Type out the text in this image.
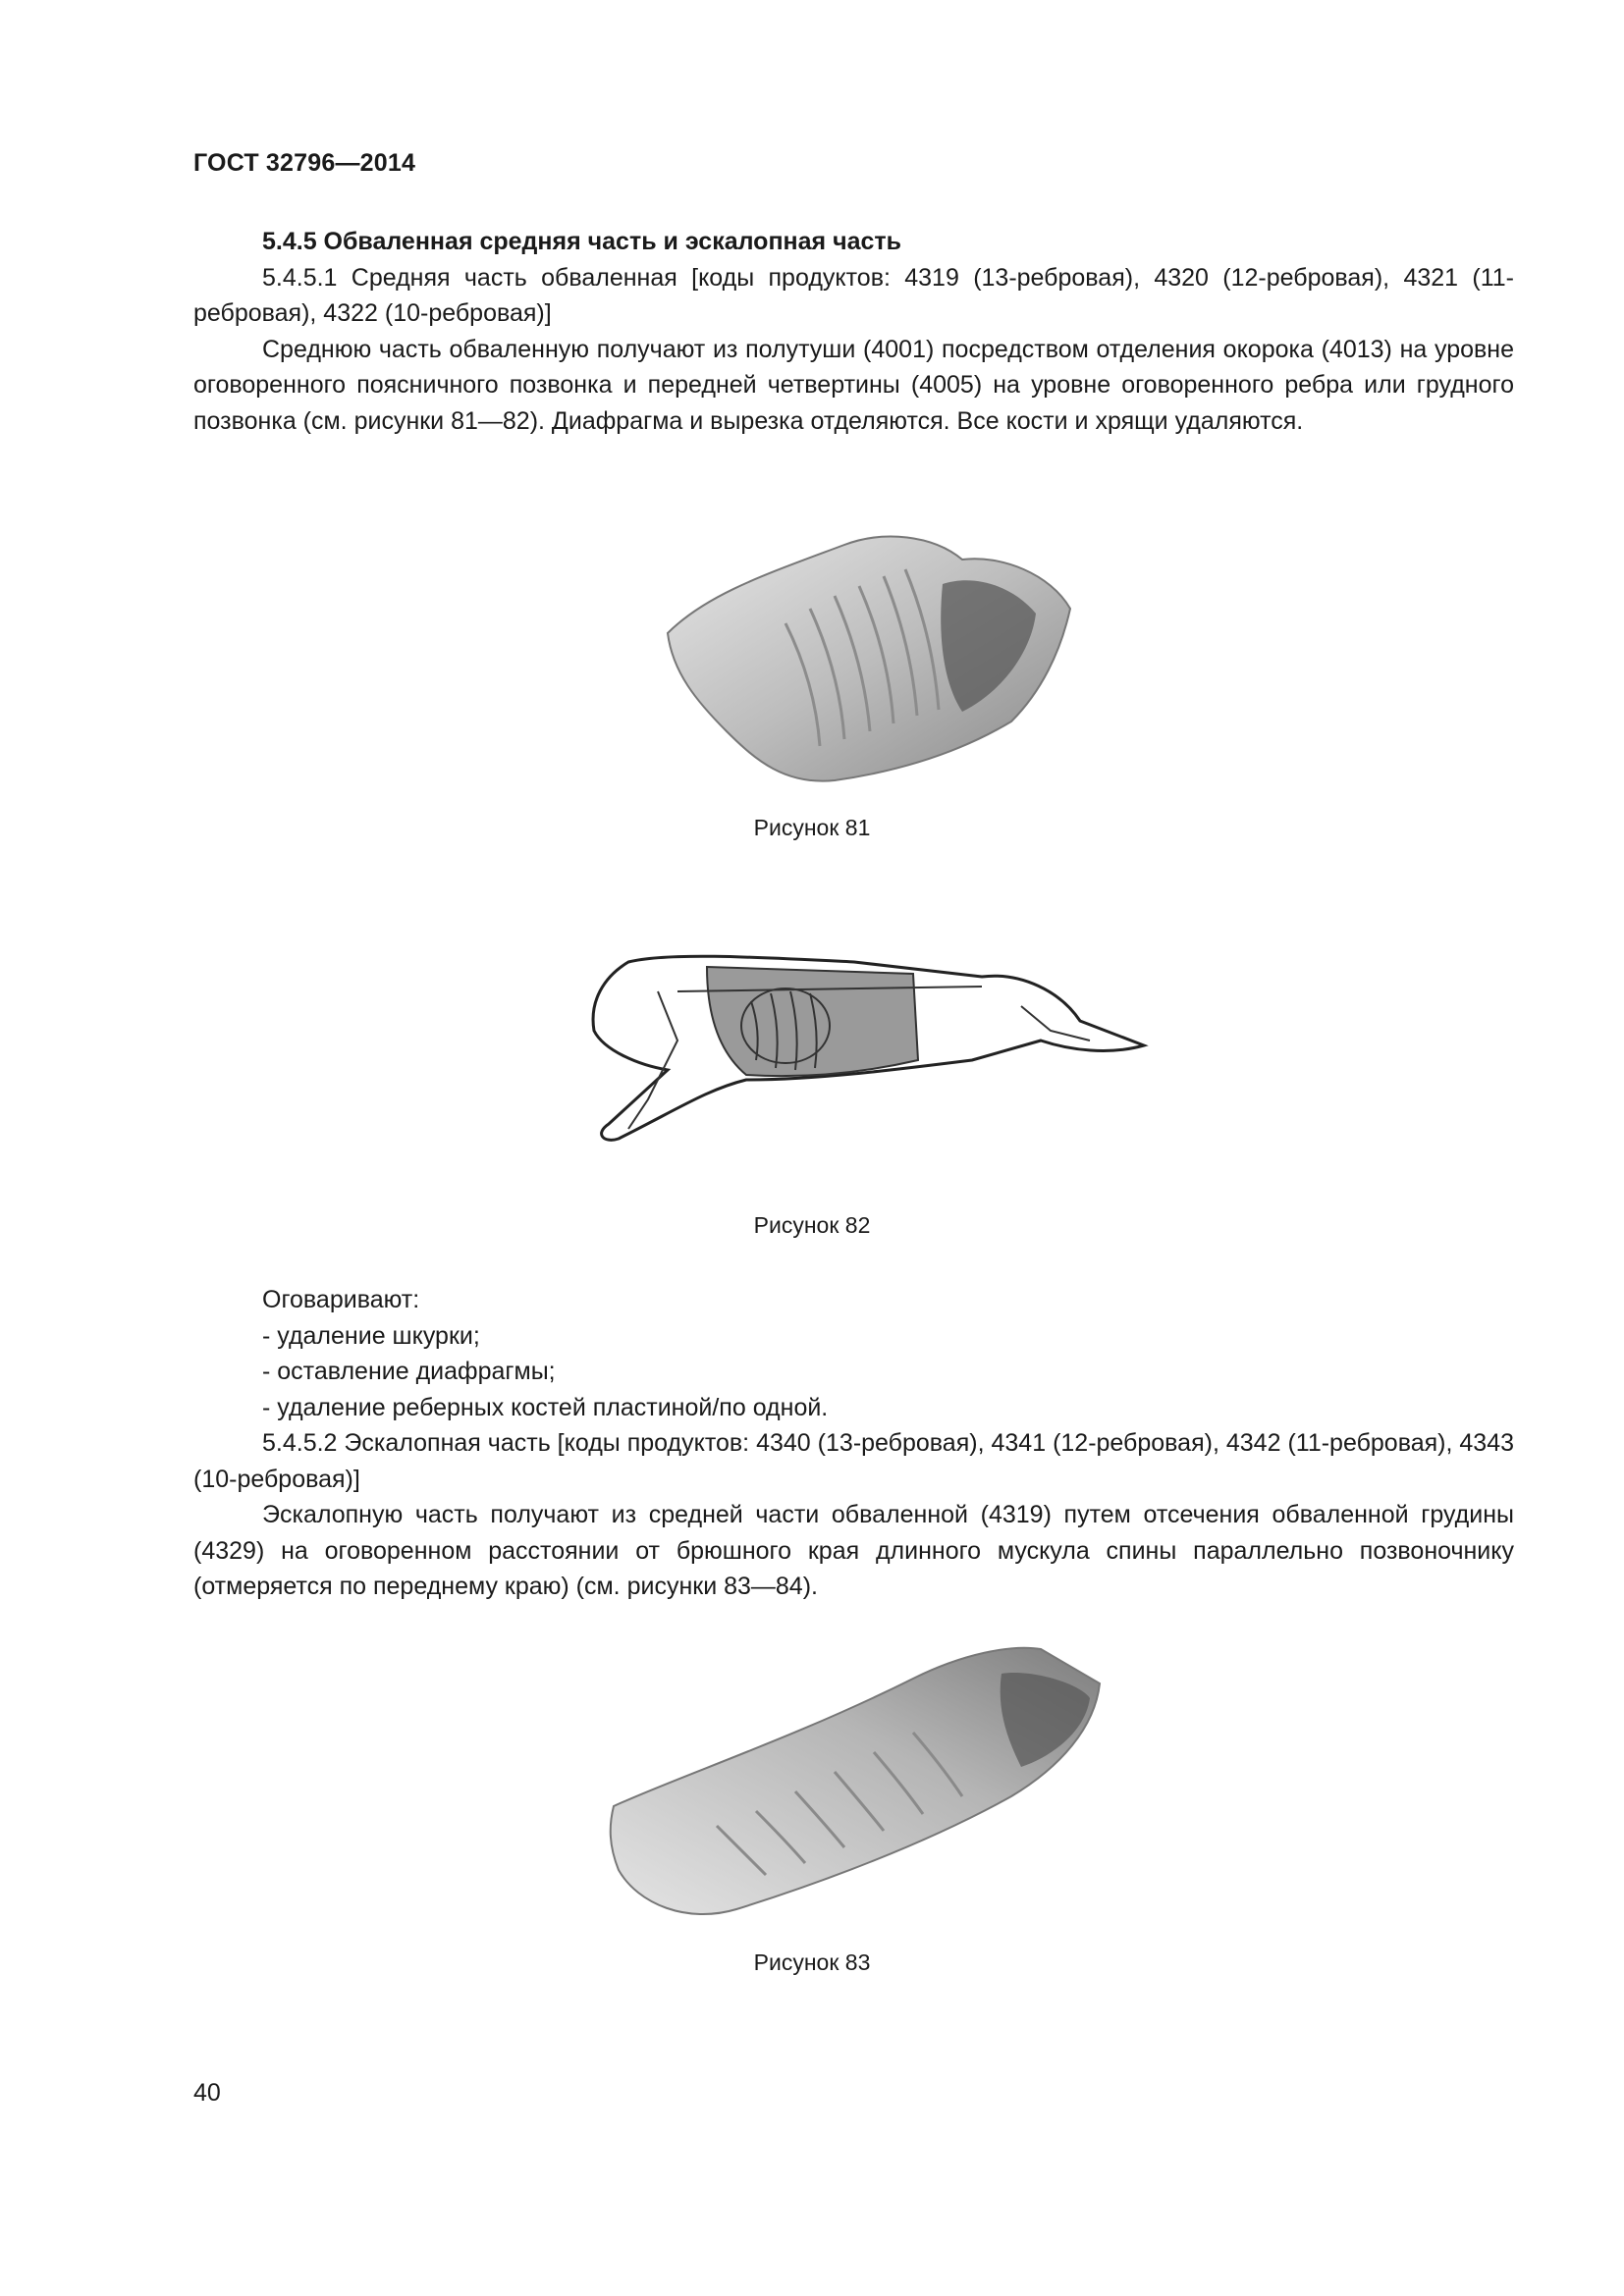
ГОСТ 32796—2014

5.4.5 Обваленная средняя часть и эскалопная часть

5.4.5.1 Средняя часть обваленная [коды продуктов: 4319 (13-ребровая), 4320 (12-ребровая), 4321 (11-ребровая), 4322 (10-ребровая)]

Среднюю часть обваленную получают из полутуши (4001) посредством отделения окорока (4013) на уровне оговоренного поясничного позвонка и передней четвертины (4005) на уровне оговоренного ребра или грудного позвонка (см. рисунки 81—82). Диафрагма и вырезка отделяются. Все кости и хрящи удаляются.

Рисунок 81
Рисунок 82

Оговаривают:

- удаление шкурки;

- оставление диафрагмы;

- удаление реберных костей пластиной/по одной.

5.4.5.2 Эскалопная часть [коды продуктов: 4340 (13-ребровая), 4341 (12-ребровая), 4342 (11-ребровая), 4343 (10-ребровая)]

Эскалопную часть получают из средней части обваленной (4319) путем отсечения обваленной грудины (4329) на оговоренном расстоянии от брюшного края длинного мускула спины параллельно позвоночнику (отмеряется по переднему краю) (см. рисунки 83—84).

Рисунок 83
40
